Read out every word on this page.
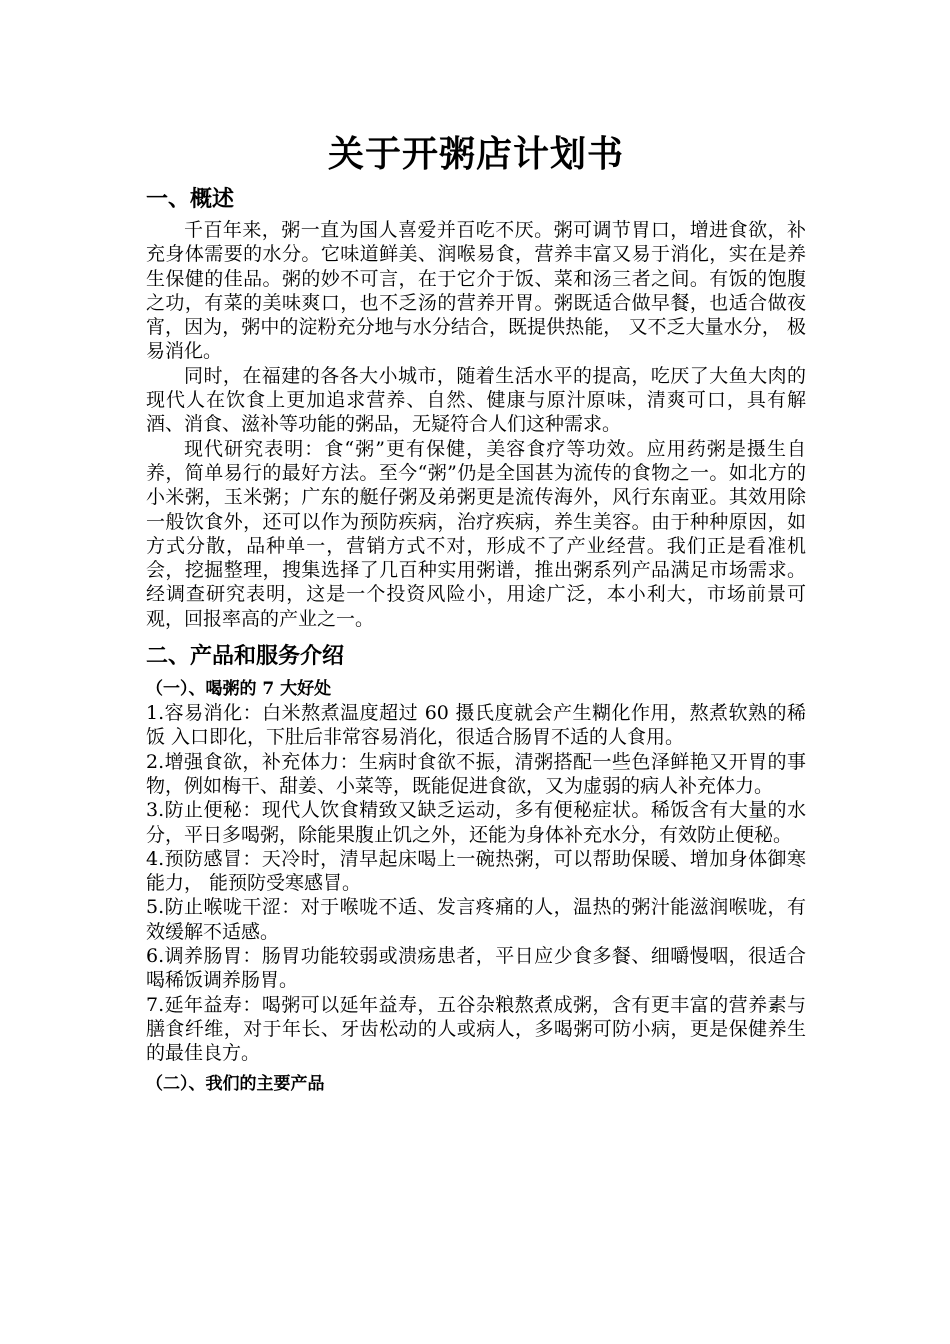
关于开粥店计划书
一、概述

千百年来，粥一直为国人喜爱并百吃不厌。粥可调节胃口，增进食欲，补充身体需要的水分。它味道鲜美、润喉易食，营养丰富又易于消化，实在是养生保健的佳品。粥的妙不可言，在于它介于饭、菜和汤三者之间。有饭的饱腹之功，有菜的美味爽口，也不乏汤的营养开胃。粥既适合做早餐，也适合做夜宵，因为，粥中的淀粉充分地与水分结合，既提供热能， 又不乏大量水分， 极易消化。

同时，在福建的各各大小城市，随着生活水平的提高，吃厌了大鱼大肉的现代人在饮食上更加追求营养、自然、健康与原汁原味，清爽可口，具有解酒、消食、滋补等功能的粥品，无疑符合人们这种需求。

现代研究表明：食“粥”更有保健，美容食疗等功效。应用药粥是摄生自养，简单易行的最好方法。至今“粥”仍是全国甚为流传的食物之一。如北方的小米粥，玉米粥；广东的艇仔粥及弟粥更是流传海外，风行东南亚。其效用除一般饮食外，还可以作为预防疾病，治疗疾病，养生美容。由于种种原因，如方式分散，品种单一，营销方式不对，形成不了产业经营。我们正是看准机会，挖掘整理，搜集选择了几百种实用粥谱，推出粥系列产品满足市场需求。经调查研究表明，这是一个投资风险小，用途广泛，本小利大，市场前景可观，回报率高的产业之一。

二、产品和服务介绍
（一）、喝粥的 7 大好处

1.容易消化：白米熬煮温度超过 60 摄氏度就会产生糊化作用，熬煮软熟的稀饭 入口即化，下肚后非常容易消化，很适合肠胃不适的人食用。

2.增强食欲，补充体力：生病时食欲不振，清粥搭配一些色泽鲜艳又开胃的事物，例如梅干、甜姜、小菜等，既能促进食欲，又为虚弱的病人补充体力。

3.防止便秘：现代人饮食精致又缺乏运动，多有便秘症状。稀饭含有大量的水分，平日多喝粥，除能果腹止饥之外，还能为身体补充水分，有效防止便秘。

4.预防感冒：天冷时，清早起床喝上一碗热粥，可以帮助保暖、增加身体御寒能力， 能预防受寒感冒。

5.防止喉咙干涩：对于喉咙不适、发言疼痛的人，温热的粥汁能滋润喉咙，有效缓解不适感。

6.调养肠胃：肠胃功能较弱或溃疡患者，平日应少食多餐、细嚼慢咽，很适合喝稀饭调养肠胃。

7.延年益寿：喝粥可以延年益寿，五谷杂粮熬煮成粥，含有更丰富的营养素与膳食纤维，对于年长、牙齿松动的人或病人，多喝粥可防小病，更是保健养生的最佳良方。

（二）、我们的主要产品
